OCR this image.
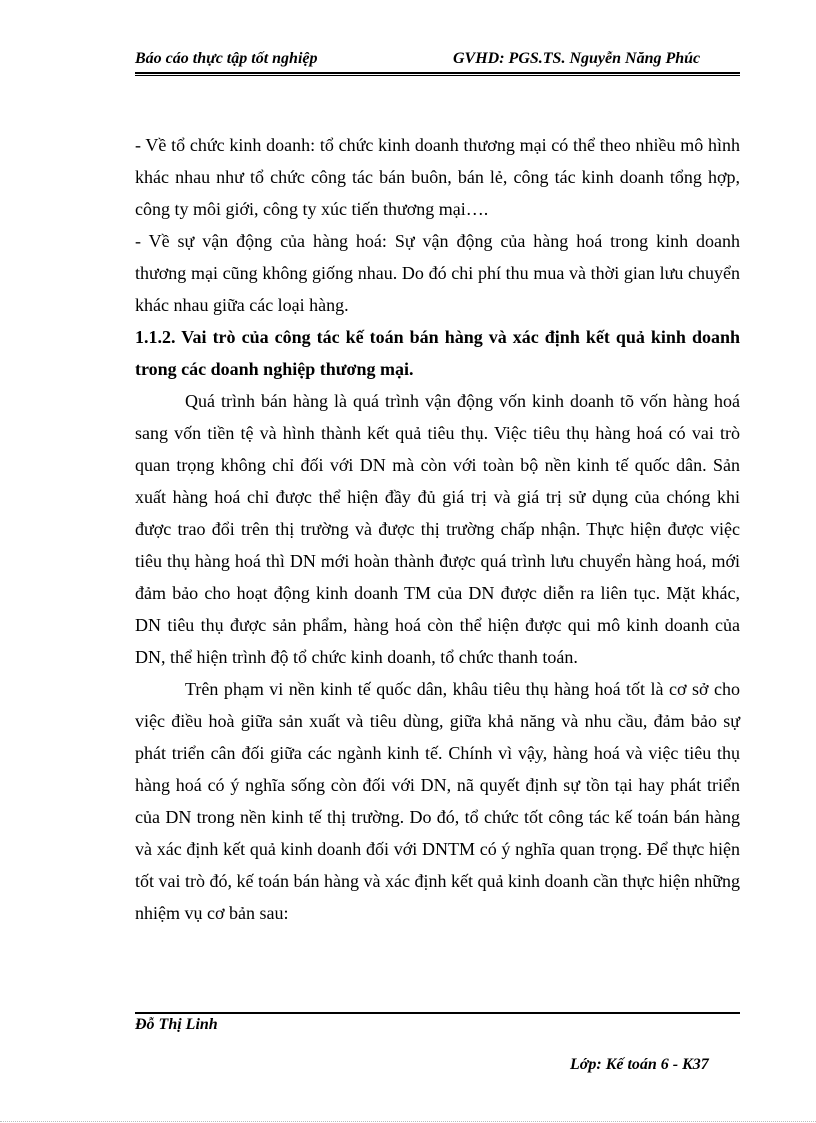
Báo cáo thực tập tốt nghiệp	GVHD: PGS.TS. Nguyễn Năng Phúc

- Về tổ chức kinh doanh: tổ chức kinh doanh thương mại có thể theo nhiều mô hình khác nhau như tổ chức công tác bán buôn, bán lẻ, công tác kinh doanh tổng hợp, công ty môi giới, công ty xúc tiến thương mại….

- Về sự vận động của hàng hoá: Sự vận động của hàng hoá trong kinh doanh thương mại cũng không giống nhau. Do đó chi phí thu mua và thời gian lưu chuyển khác nhau giữa các loại hàng.

1.1.2. Vai trò của công tác kế toán bán hàng và xác định kết quả kinh doanh trong các doanh nghiệp thương mại.

Quá trình bán hàng là quá trình vận động vốn kinh doanh tõ vốn hàng hoá sang vốn tiền tệ và hình thành kết quả tiêu thụ. Việc tiêu thụ hàng hoá có vai trò quan trọng không chỉ đối với DN mà còn với toàn bộ nền kinh tế quốc dân. Sản xuất hàng hoá chỉ được thể hiện đầy đủ giá trị và giá trị sử dụng của chóng khi được trao đổi trên thị trường và được thị trường chấp nhận. Thực hiện được việc tiêu thụ hàng hoá thì DN mới hoàn thành được quá trình lưu chuyển hàng hoá, mới đảm bảo cho hoạt động kinh doanh TM của DN được diễn ra liên tục. Mặt khác, DN tiêu thụ được sản phẩm, hàng hoá còn thể hiện được qui mô kinh doanh của DN, thể hiện trình độ tổ chức kinh doanh, tổ chức thanh toán.

Trên phạm vi nền kinh tế quốc dân, khâu tiêu thụ hàng hoá tốt là cơ sở cho việc điều hoà giữa sản xuất và tiêu dùng, giữa khả năng và nhu cầu, đảm bảo sự phát triển cân đối giữa các ngành kinh tế. Chính vì vậy, hàng hoá và việc tiêu thụ hàng hoá có ý nghĩa sống còn đối với DN, nã quyết định sự tồn tại hay phát triển của DN trong nền kinh tế thị trường. Do đó, tổ chức tốt công tác kế toán bán hàng và xác định kết quả kinh doanh đối với DNTM có ý nghĩa quan trọng. Để thực hiện tốt vai trò đó, kế toán bán hàng và xác định kết quả kinh doanh cần thực hiện những nhiệm vụ cơ bản sau:

Đỗ Thị Linh
Lớp: Kế toán 6 - K37
